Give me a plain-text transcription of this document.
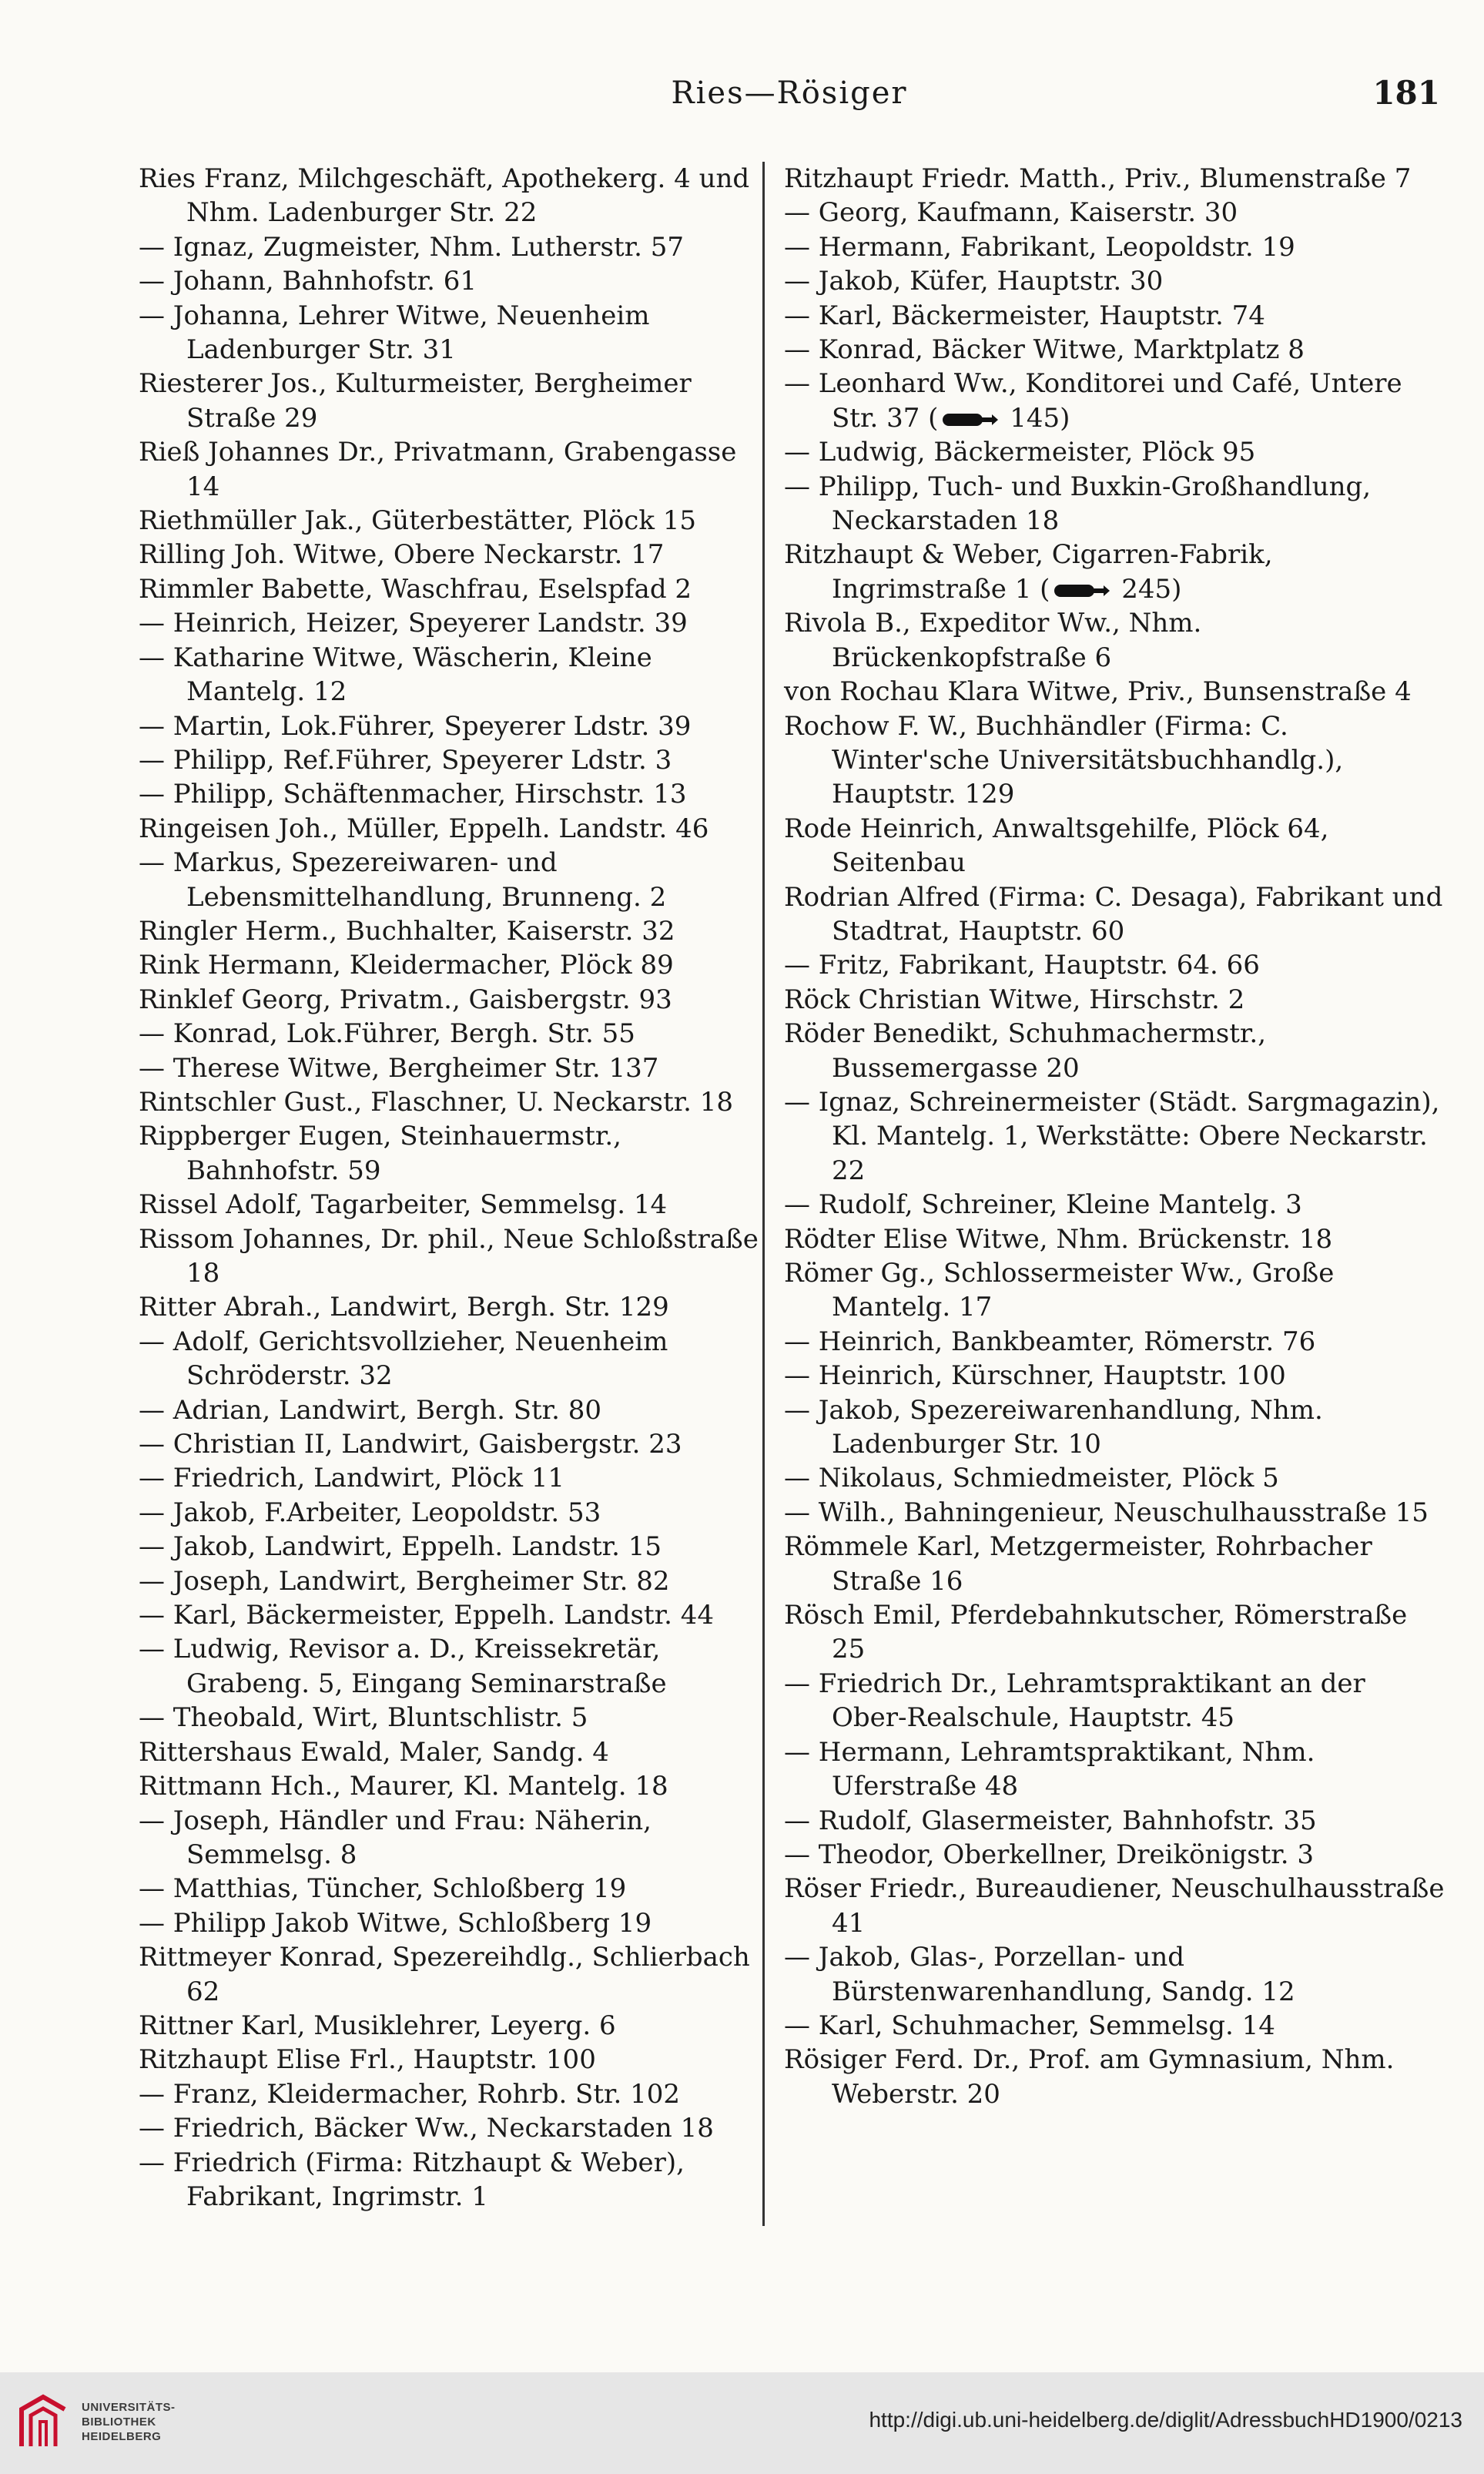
Ries—Rösiger	181
Ries Franz, Milchgeschäft, Apothekerg. 4 und Nhm. Ladenburger Str. 22
— Ignaz, Zugmeister, Nhm. Lutherstr. 57
— Johann, Bahnhofstr. 61
— Johanna, Lehrer Witwe, Neuenheim Ladenburger Str. 31
Riesterer Jos., Kulturmeister, Bergheimer Straße 29
Rieß Johannes Dr., Privatmann, Grabengasse 14
Riethmüller Jak., Güterbestätter, Plöck 15
Rilling Joh. Witwe, Obere Neckarstr. 17
Rimmler Babette, Waschfrau, Eselspfad 2
— Heinrich, Heizer, Speyerer Landstr. 39
— Katharine Witwe, Wäscherin, Kleine Mantelg. 12
— Martin, Lok.Führer, Speyerer Ldstr. 39
— Philipp, Ref.Führer, Speyerer Ldstr. 3
— Philipp, Schäftenmacher, Hirschstr. 13
Ringeisen Joh., Müller, Eppelh. Landstr. 46
— Markus, Spezereiwaren- und Lebensmittelhandlung, Brunneng. 2
Ringler Herm., Buchhalter, Kaiserstr. 32
Rink Hermann, Kleidermacher, Plöck 89
Rinklef Georg, Privatm., Gaisbergstr. 93
— Konrad, Lok.Führer, Bergh. Str. 55
— Therese Witwe, Bergheimer Str. 137
Rintschler Gust., Flaschner, U. Neckarstr. 18
Rippberger Eugen, Steinhauermstr., Bahnhofstr. 59
Rissel Adolf, Tagarbeiter, Semmelsg. 14
Rissom Johannes, Dr. phil., Neue Schloßstraße 18
Ritter Abrah., Landwirt, Bergh. Str. 129
— Adolf, Gerichtsvollzieher, Neuenheim Schröderstr. 32
— Adrian, Landwirt, Bergh. Str. 80
— Christian II, Landwirt, Gaisbergstr. 23
— Friedrich, Landwirt, Plöck 11
— Jakob, F.Arbeiter, Leopoldstr. 53
— Jakob, Landwirt, Eppelh. Landstr. 15
— Joseph, Landwirt, Bergheimer Str. 82
— Karl, Bäckermeister, Eppelh. Landstr. 44
— Ludwig, Revisor a. D., Kreissekretär, Grabeng. 5, Eingang Seminarstraße
— Theobald, Wirt, Bluntschlistr. 5
Rittershaus Ewald, Maler, Sandg. 4
Rittmann Hch., Maurer, Kl. Mantelg. 18
— Joseph, Händler und Frau: Näherin, Semmelsg. 8
— Matthias, Tüncher, Schloßberg 19
— Philipp Jakob Witwe, Schloßberg 19
Rittmeyer Konrad, Spezereihdlg., Schlierbach 62
Rittner Karl, Musiklehrer, Leyerg. 6
Ritzhaupt Elise Frl., Hauptstr. 100
— Franz, Kleidermacher, Rohrb. Str. 102
— Friedrich, Bäcker Ww., Neckarstaden 18
— Friedrich (Firma: Ritzhaupt & Weber), Fabrikant, Ingrimstr. 1
Ritzhaupt Friedr. Matth., Priv., Blumenstraße 7
— Georg, Kaufmann, Kaiserstr. 30
— Hermann, Fabrikant, Leopoldstr. 19
— Jakob, Küfer, Hauptstr. 30
— Karl, Bäckermeister, Hauptstr. 74
— Konrad, Bäcker Witwe, Marktplatz 8
— Leonhard Ww., Konditorei und Café, Untere Str. 37 ( 145)
— Ludwig, Bäckermeister, Plöck 95
— Philipp, Tuch- und Buxkin-Großhandlung, Neckarstaden 18
Ritzhaupt & Weber, Cigarren-Fabrik, Ingrimstraße 1 ( 245)
Rivola B., Expeditor Ww., Nhm. Brückenkopfstraße 6
von Rochau Klara Witwe, Priv., Bunsenstraße 4
Rochow F. W., Buchhändler (Firma: C. Winter'sche Universitätsbuchhandlg.), Hauptstr. 129
Rode Heinrich, Anwaltsgehilfe, Plöck 64, Seitenbau
Rodrian Alfred (Firma: C. Desaga), Fabrikant und Stadtrat, Hauptstr. 60
— Fritz, Fabrikant, Hauptstr. 64. 66
Röck Christian Witwe, Hirschstr. 2
Röder Benedikt, Schuhmachermstr., Bussemergasse 20
— Ignaz, Schreinermeister (Städt. Sargmagazin), Kl. Mantelg. 1, Werkstätte: Obere Neckarstr. 22
— Rudolf, Schreiner, Kleine Mantelg. 3
Rödter Elise Witwe, Nhm. Brückenstr. 18
Römer Gg., Schlossermeister Ww., Große Mantelg. 17
— Heinrich, Bankbeamter, Römerstr. 76
— Heinrich, Kürschner, Hauptstr. 100
— Jakob, Spezereiwarenhandlung, Nhm. Ladenburger Str. 10
— Nikolaus, Schmiedmeister, Plöck 5
— Wilh., Bahningenieur, Neuschulhausstraße 15
Römmele Karl, Metzgermeister, Rohrbacher Straße 16
Rösch Emil, Pferdebahnkutscher, Römerstraße 25
— Friedrich Dr., Lehramtspraktikant an der Ober-Realschule, Hauptstr. 45
— Hermann, Lehramtspraktikant, Nhm. Uferstraße 48
— Rudolf, Glasermeister, Bahnhofstr. 35
— Theodor, Oberkellner, Dreikönigstr. 3
Röser Friedr., Bureaudiener, Neuschulhausstraße 41
— Jakob, Glas-, Porzellan- und Bürstenwarenhandlung, Sandg. 12
— Karl, Schuhmacher, Semmelsg. 14
Rösiger Ferd. Dr., Prof. am Gymnasium, Nhm. Weberstr. 20
UNIVERSITÄTS-
BIBLIOTHEK
HEIDELBERG
http://digi.ub.uni-heidelberg.de/diglit/AdressbuchHD1900/0213
